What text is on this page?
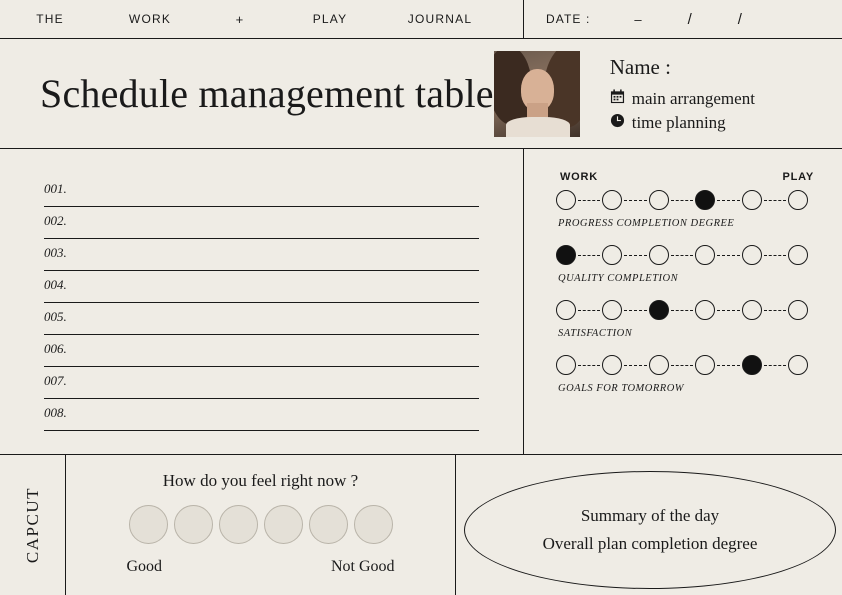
THE	WORK	+	PLAY	JOURNAL	DATE :	–	/	/
Schedule management table
Name :
main arrangement
time planning
001.
002.
003.
004.
005.
006.
007.
008.
WORK	PLAY
PROGRESS COMPLETION DEGREE
QUALITY COMPLETION
SATISFACTION
GOALS FOR TOMORROW
CAPCUT
How do you feel right now ?
Good	Not Good
Summary of the day
Overall plan completion degree
